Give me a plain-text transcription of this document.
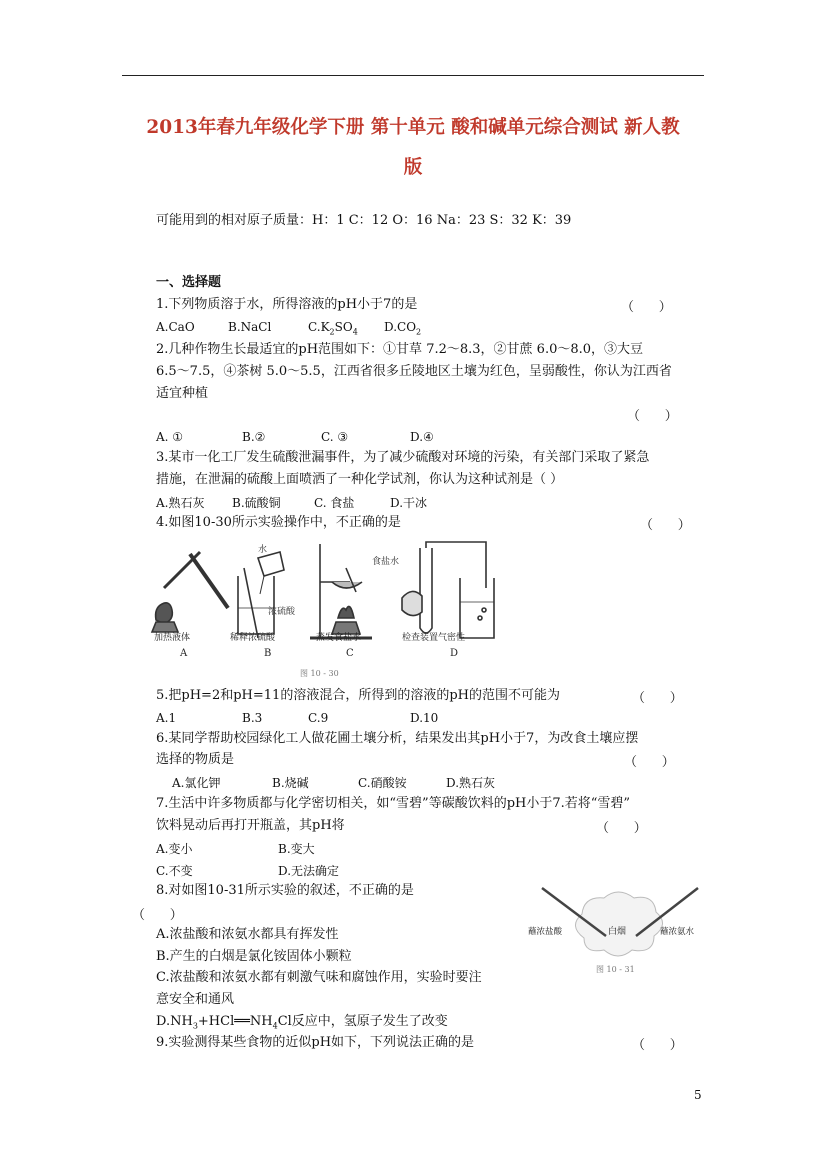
2013年春九年级化学下册 第十单元 酸和碱单元综合测试 新人教
版
可能用到的相对原子质量：H：1 C：12 O：16 Na：23 S：32 K：39
一、选择题
1.下列物质溶于水，所得溶液的pH小于7的是	（      ）
A.CaO	B.NaCl	$C.K_2SO_4$ $D.CO_2$
2.几种作物生长最适宜的pH范围如下：①甘草 7.2～8.3，②甘蔗 6.0～8.0，③大豆
6.5～7.5，④茶树 5.0～5.5，江西省很多丘陵地区土壤为红色，呈弱酸性，你认为江西省
适宜种植
（      ）
A. ①	B.②	C. ③	D.④
3.某市一化工厂发生硫酸泄漏事件，为了减少硫酸对环境的污染，有关部门采取了紧急
措施，在泄漏的硫酸上面喷洒了一种化学试剂，你认为这种试剂是（ ）
A.熟石灰 B.硫酸铜	C. 食盐	D.干冰
4.如图10-30所示实验操作中，不正确的是	（      ）
水
浓硫酸
食盐水
加热液体	稀释浓硫酸	蒸发食盐水	检查装置气密性
A	B	C	D
图 10 - 30
5.把pH=2和pH=11的溶液混合，所得到的溶液的pH的范围不可能为	（      ）
A.1	B.3	C.9	D.10
6.某同学帮助校园绿化工人做花圃土壤分析，结果发出其pH小于7，为改食土壤应摆
选择的物质是	（      ）
A.氯化钾	B.烧碱	C.硝酸铵	D.熟石灰
7.生活中许多物质都与化学密切相关，如“雪碧”等碳酸饮料的pH小于7.若将“雪碧”
饮料晃动后再打开瓶盖，其pH将	（      ）
A.变小	B.变大
C.不变	D.无法确定
8.对如图10-31所示实验的叙述，不正确的是
（      ）
A.浓盐酸和浓氨水都具有挥发性
B.产生的白烟是氯化铵固体小颗粒
C.浓盐酸和浓氨水都有刺激气味和腐蚀作用，实验时要注
意安全和通风
$D.NH_3+HCl══NH_4Cl$反应中，氢原子发生了改变
蘸浓盐酸	白烟	蘸浓氨水
图 10 - 31
9.实验测得某些食物的近似pH如下，下列说法正确的是	（      ）
5
